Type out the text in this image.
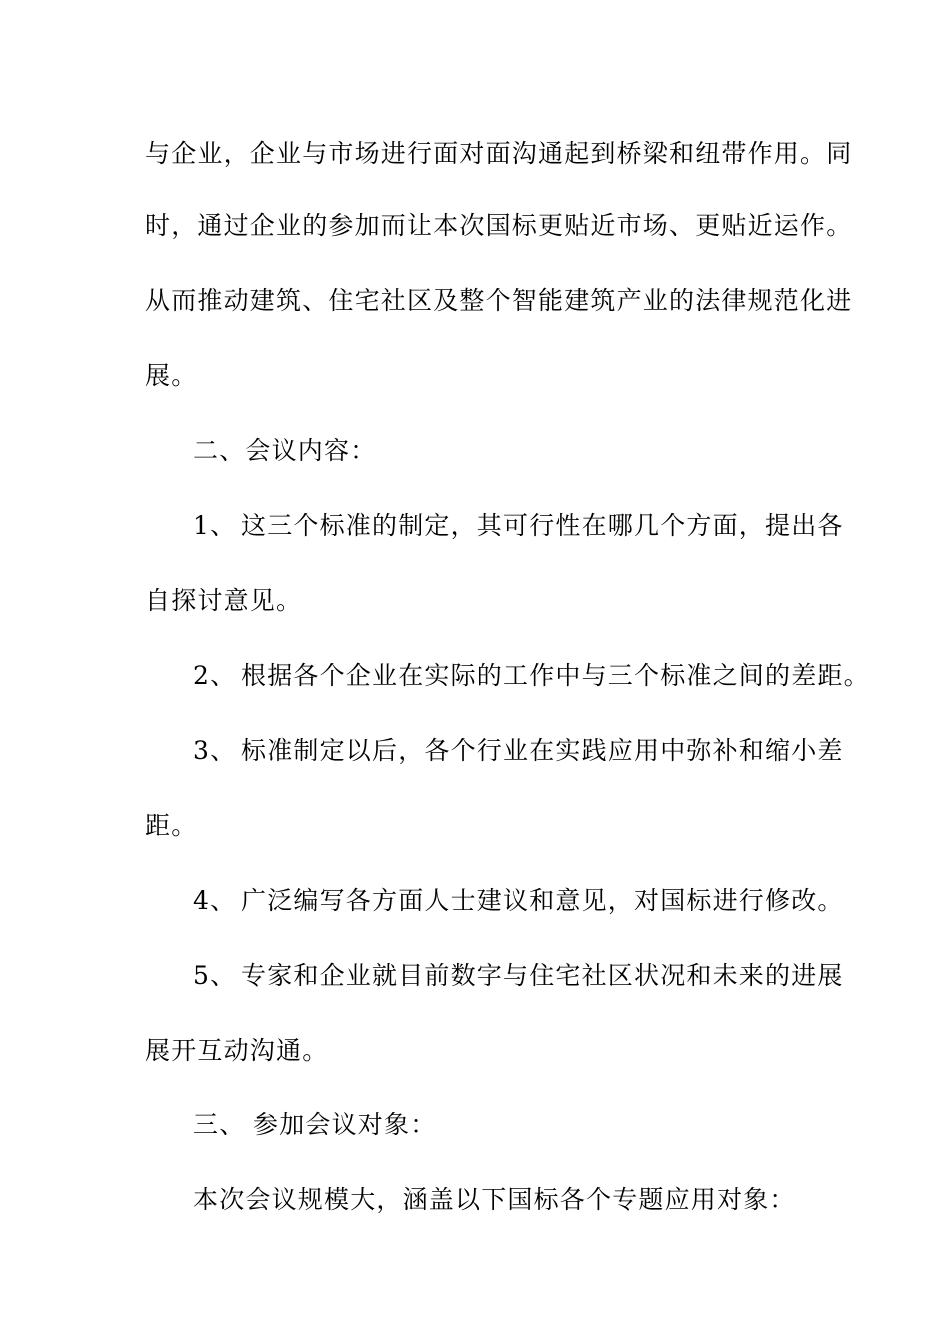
与企业，企业与市场进行面对面沟通起到桥梁和纽带作用。同
时，通过企业的参加而让本次国标更贴近市场、更贴近运作。
从而推动建筑、住宅社区及整个智能建筑产业的法律规范化进
展。
二、会议内容：
1、 这三个标准的制定，其可行性在哪几个方面，提出各
自探讨意见。
2、 根据各个企业在实际的工作中与三个标准之间的差距。
3、 标准制定以后，各个行业在实践应用中弥补和缩小差
距。
4、 广泛编写各方面人士建议和意见，对国标进行修改。
5、 专家和企业就目前数字与住宅社区状况和未来的进展
展开互动沟通。
三、 参加会议对象：
本次会议规模大，涵盖以下国标各个专题应用对象：
